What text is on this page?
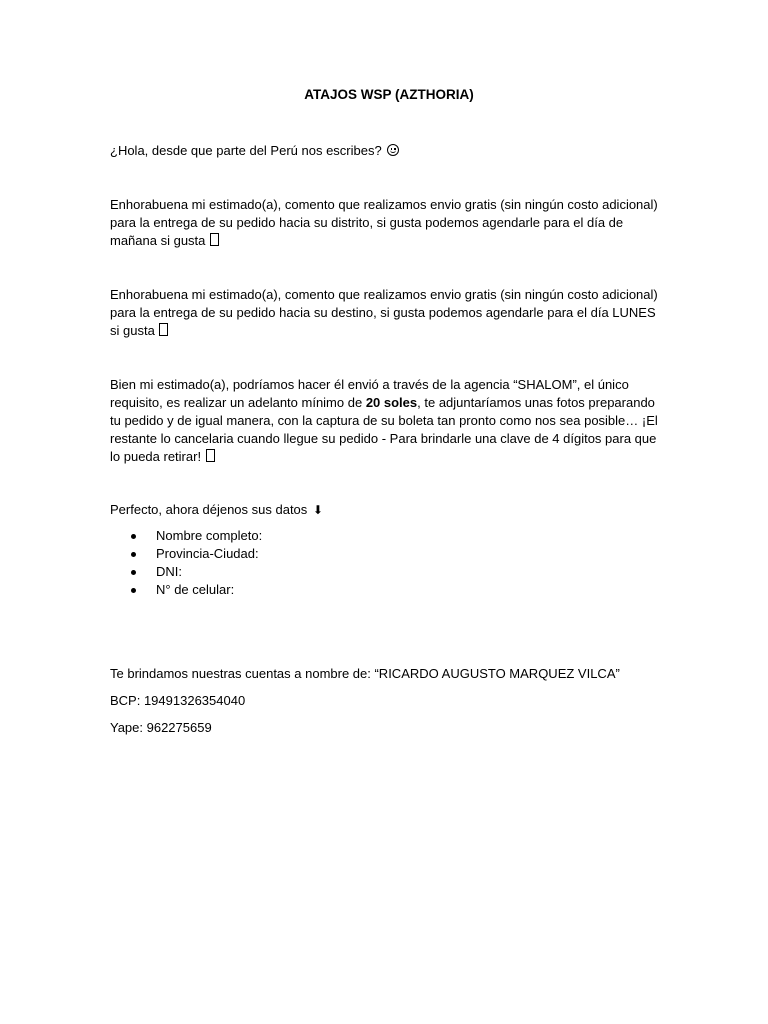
ATAJOS WSP (AZTHORIA)

¿Hola, desde que parte del Perú nos escribes?

Enhorabuena mi estimado(a), comento que realizamos envio gratis (sin ningún costo adicional) para la entrega de su pedido hacia su distrito, si gusta podemos agendarle para el día de mañana si gusta

Enhorabuena mi estimado(a), comento que realizamos envio gratis (sin ningún costo adicional) para la entrega de su pedido hacia su destino, si gusta podemos agendarle para el día LUNES si gusta

Bien mi estimado(a), podríamos hacer él envió a través de la agencia “SHALOM”, el único requisito, es realizar un adelanto mínimo de 20 soles, te adjuntaríamos unas fotos preparando tu pedido y de igual manera, con la captura de su boleta tan pronto como nos sea posible… ¡El restante lo cancelaria cuando llegue su pedido - Para brindarle una clave de 4 dígitos para que lo pueda retirar!

Perfecto, ahora déjenos sus datos ⬇

Nombre completo:
Provincia-Ciudad:
DNI:
N° de celular:

Te brindamos nuestras cuentas a nombre de: “RICARDO AUGUSTO MARQUEZ VILCA”

BCP: 19491326354040

Yape: 962275659
